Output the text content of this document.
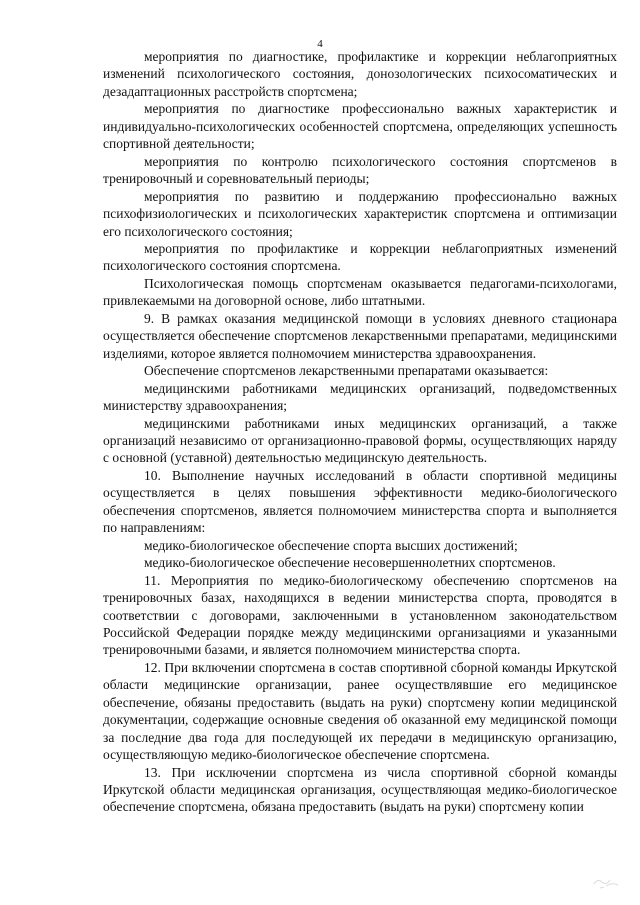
4

мероприятия по диагностике, профилактике и коррекции неблагоприятных изменений психологического состояния, донозологических психосоматических и дезадаптационных расстройств спортсмена;

мероприятия по диагностике профессионально важных характеристик и индивидуально-психологических особенностей спортсмена, определяющих успешность спортивной деятельности;

мероприятия по контролю психологического состояния спортсменов в тренировочный и соревновательный периоды;

мероприятия по развитию и поддержанию профессионально важных психофизиологических и психологических характеристик спортсмена и оптимизации его психологического состояния;

мероприятия по профилактике и коррекции неблагоприятных изменений психологического состояния спортсмена.

Психологическая помощь спортсменам оказывается педагогами-психологами, привлекаемыми на договорной основе, либо штатными.

9. В рамках оказания медицинской помощи в условиях дневного стационара осуществляется обеспечение спортсменов лекарственными препаратами, медицинскими изделиями, которое является полномочием министерства здравоохранения.

Обеспечение спортсменов лекарственными препаратами оказывается:

медицинскими работниками медицинских организаций, подведомственных министерству здравоохранения;

медицинскими работниками иных медицинских организаций, а также организаций независимо от организационно-правовой формы, осуществляющих наряду с основной (уставной) деятельностью медицинскую деятельность.

10. Выполнение научных исследований в области спортивной медицины осуществляется в целях повышения эффективности медико-биологического обеспечения спортсменов, является полномочием министерства спорта и выполняется по направлениям:

медико-биологическое обеспечение спорта высших достижений;

медико-биологическое обеспечение несовершеннолетних спортсменов.

11. Мероприятия по медико-биологическому обеспечению спортсменов на тренировочных базах, находящихся в ведении министерства спорта, проводятся в соответствии с договорами, заключенными в установленном законодательством Российской Федерации порядке между медицинскими организациями и указанными тренировочными базами, и является полномочием министерства спорта.

12. При включении спортсмена в состав спортивной сборной команды Иркутской области медицинские организации, ранее осуществлявшие его медицинское обеспечение, обязаны предоставить (выдать на руки) спортсмену копии медицинской документации, содержащие основные сведения об оказанной ему медицинской помощи за последние два года для последующей их передачи в медицинскую организацию, осуществляющую медико-биологическое обеспечение спортсмена.

13. При исключении спортсмена из числа спортивной сборной команды Иркутской области медицинская организация, осуществляющая медико-биологическое обеспечение спортсмена, обязана предоставить (выдать на руки) спортсмену копии
